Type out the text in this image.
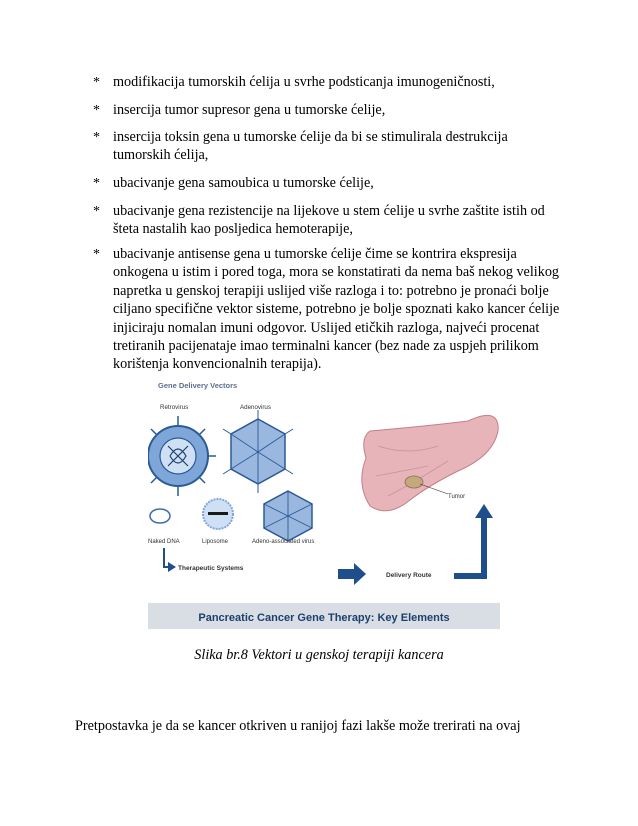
* modifikacija tumorskih ćelija u svrhe podsticanja imunogeničnosti,
* insercija tumor supresor gena u tumorske ćelije,
* insercija toksin gena u tumorske ćelije da bi se stimulirala destrukcija tumorskih ćelija,
* ubacivanje gena samoubica u tumorske ćelije,
* ubacivanje gena rezistencije na lijekove u stem ćelije u svrhe zaštite istih od šteta nastalih kao posljedica hemoterapije,
* ubacivanje antisense gena u tumorske ćelije čime se kontrira ekspresija onkogena u istim i pored toga, mora se konstatirati da nema baš nekog velikog napretka u genskoj terapiji uslijed više razloga i to: potrebno je pronaći bolje ciljano specifične vektor sisteme, potrebno je bolje spoznati kako kancer ćelije injiciraju nomalan imuni odgovor. Uslijed etičkih razloga, najveći procenat tretiranih pacijenataje imao terminalni kancer (bez nade za uspjeh prilikom korištenja konvencionalnih terapija).
Gene Delivery Vectors
Retrovirus	Adenovirus
Naked DNA	Liposome	Adeno-associated virus
Tumor
Therapeutic Systems
Delivery Route
Pancreatic Cancer Gene Therapy: Key Elements
Slika br.8 Vektori u genskoj terapiji kancera
Pretpostavka je da se kancer otkriven u ranijoj fazi lakše može trerirati na ovaj
